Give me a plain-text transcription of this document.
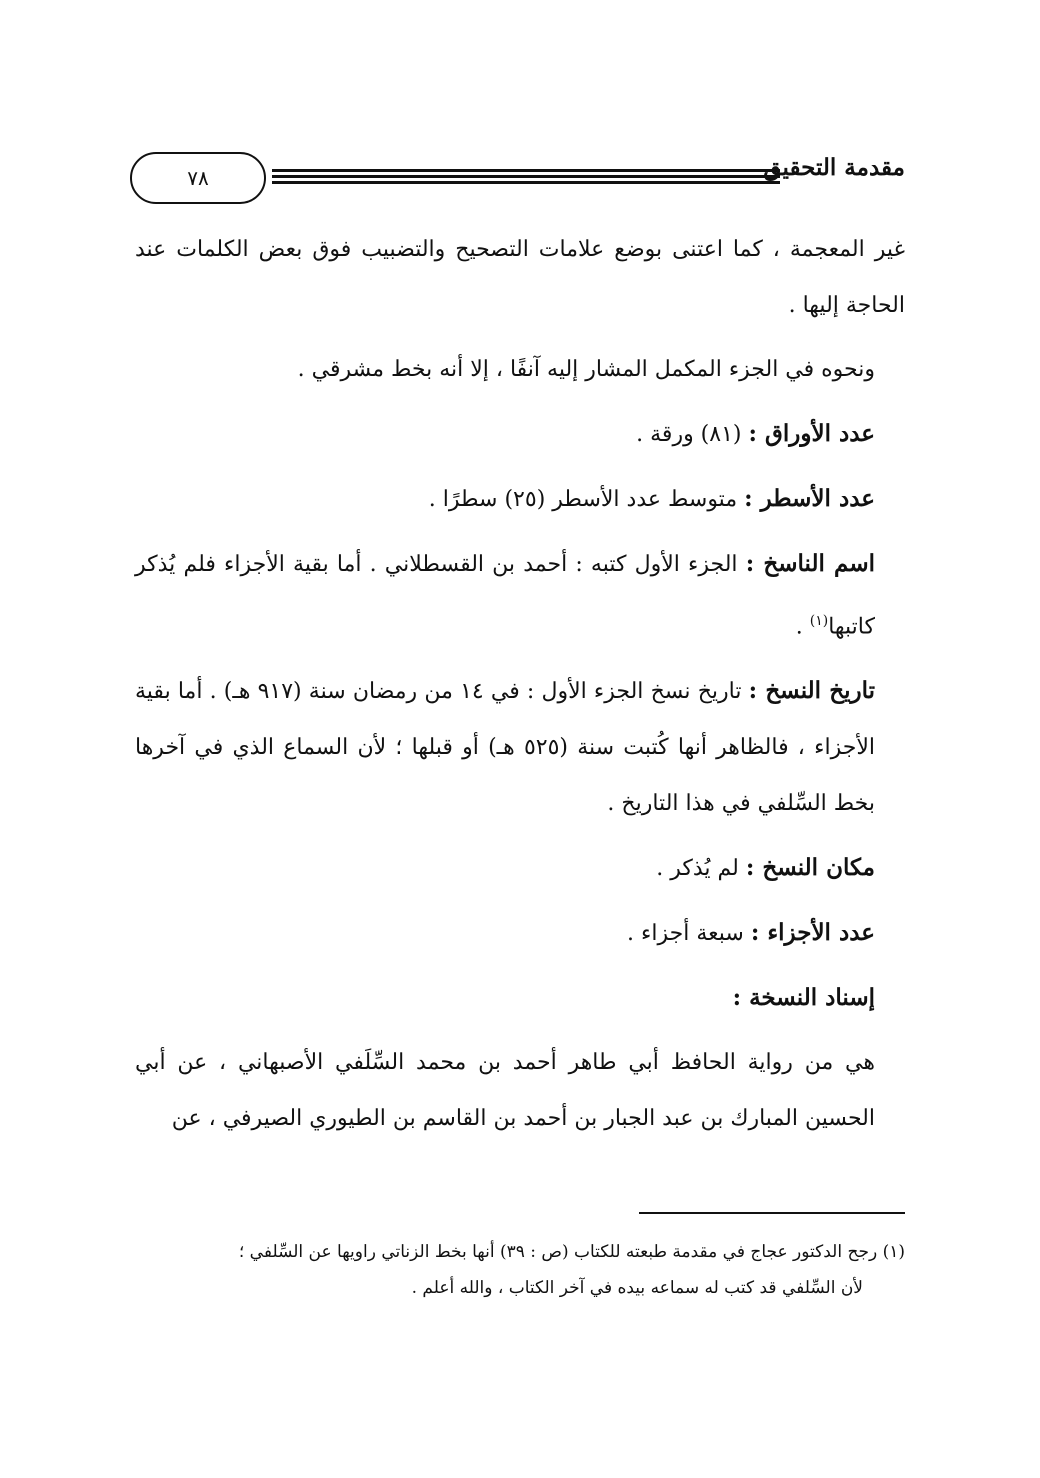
٧٨	مقدمة التحقيق

غير المعجمة ، كما اعتنى بوضع علامات التصحيح والتضبيب فوق بعض الكلمات عند الحاجة إليها .

ونحوه في الجزء المكمل المشار إليه آنفًا ، إلا أنه بخط مشرقي .

عدد الأوراق : (٨١) ورقة .

عدد الأسطر : متوسط عدد الأسطر (٢٥) سطرًا .

اسم الناسخ : الجزء الأول كتبه : أحمد بن القسطلاني . أما بقية الأجزاء فلم يُذكر كاتبها$^{(١)}$ .

تاريخ النسخ : تاريخ نسخ الجزء الأول : في ١٤ من رمضان سنة (٩١٧ هـ) . أما بقية الأجزاء ، فالظاهر أنها كُتبت سنة (٥٢٥ هـ) أو قبلها ؛ لأن السماع الذي في آخرها بخط السِّلفي في هذا التاريخ .

مكان النسخ : لم يُذكر .

عدد الأجزاء : سبعة أجزاء .

إسناد النسخة :

هي من رواية الحافظ أبي طاهر أحمد بن محمد السِّلَفي الأصبهاني ، عن أبي الحسين المبارك بن عبد الجبار بن أحمد بن القاسم بن الطيوري الصيرفي ، عن

(١) رجح الدكتور عجاج في مقدمة طبعته للكتاب (ص : ٣٩) أنها بخط الزناتي راويها عن السِّلفي ؛
لأن السِّلفي قد كتب له سماعه بيده في آخر الكتاب ، والله أعلم .
